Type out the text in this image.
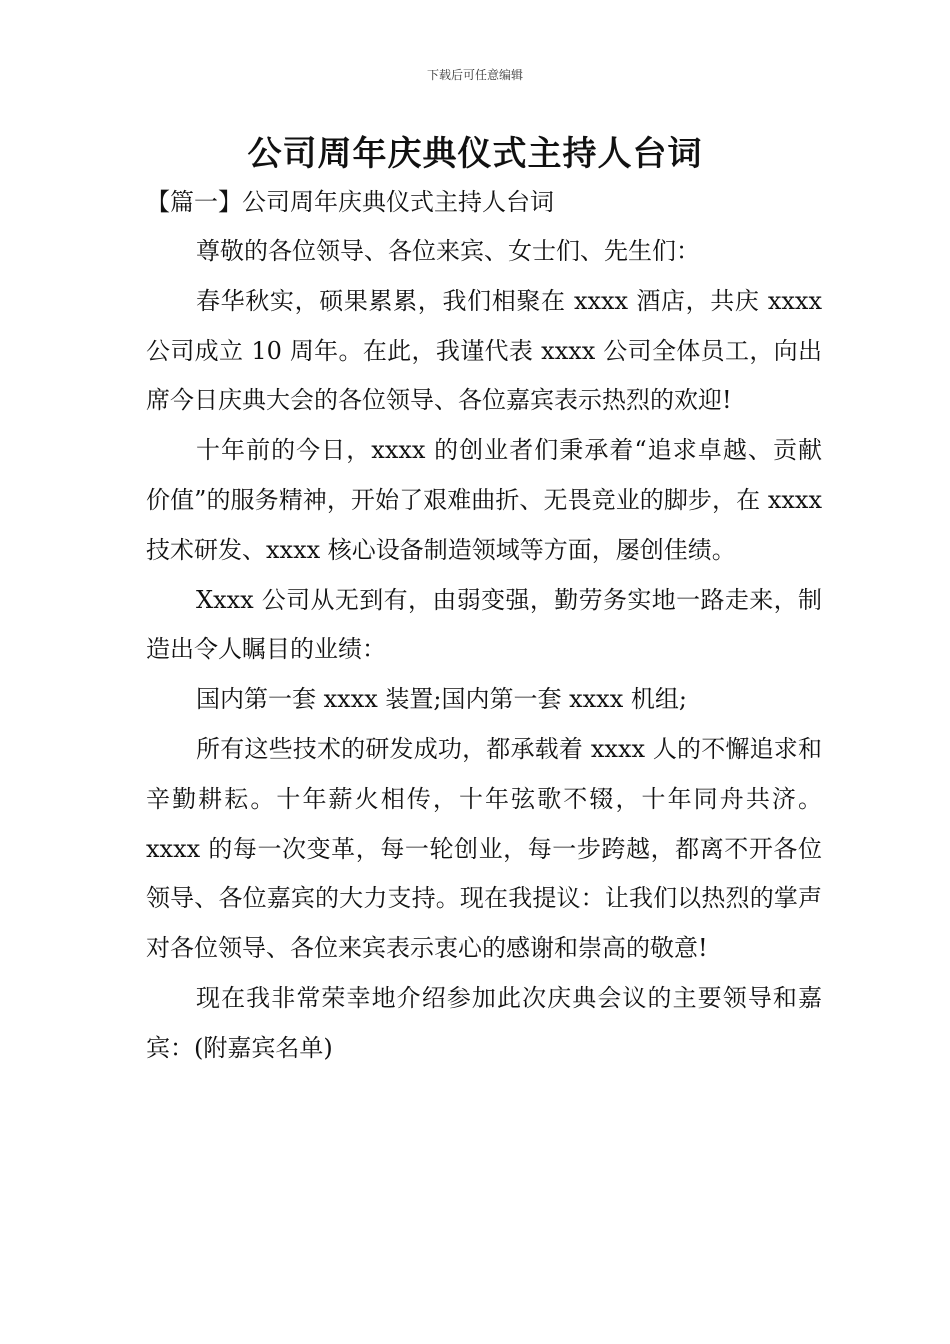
下载后可任意编辑
公司周年庆典仪式主持人台词
【篇一】公司周年庆典仪式主持人台词

尊敬的各位领导、各位来宾、女士们、先生们：

春华秋实，硕果累累，我们相聚在 xxxx 酒店，共庆 xxxx 公司成立 10 周年。在此，我谨代表 xxxx 公司全体员工，向出席今日庆典大会的各位领导、各位嘉宾表示热烈的欢迎!

十年前的今日，xxxx 的创业者们秉承着“追求卓越、贡献价值”的服务精神，开始了艰难曲折、无畏竞业的脚步，在 xxxx 技术研发、xxxx 核心设备制造领域等方面，屡创佳绩。

Xxxx 公司从无到有，由弱变强，勤劳务实地一路走来，制造出令人瞩目的业绩：

国内第一套 xxxx 装置;国内第一套 xxxx 机组;

所有这些技术的研发成功，都承载着 xxxx 人的不懈追求和辛勤耕耘。十年薪火相传，十年弦歌不辍，十年同舟共济。xxxx 的每一次变革，每一轮创业，每一步跨越，都离不开各位领导、各位嘉宾的大力支持。现在我提议：让我们以热烈的掌声对各位领导、各位来宾表示衷心的感谢和崇高的敬意!

现在我非常荣幸地介绍参加此次庆典会议的主要领导和嘉宾：(附嘉宾名单)
